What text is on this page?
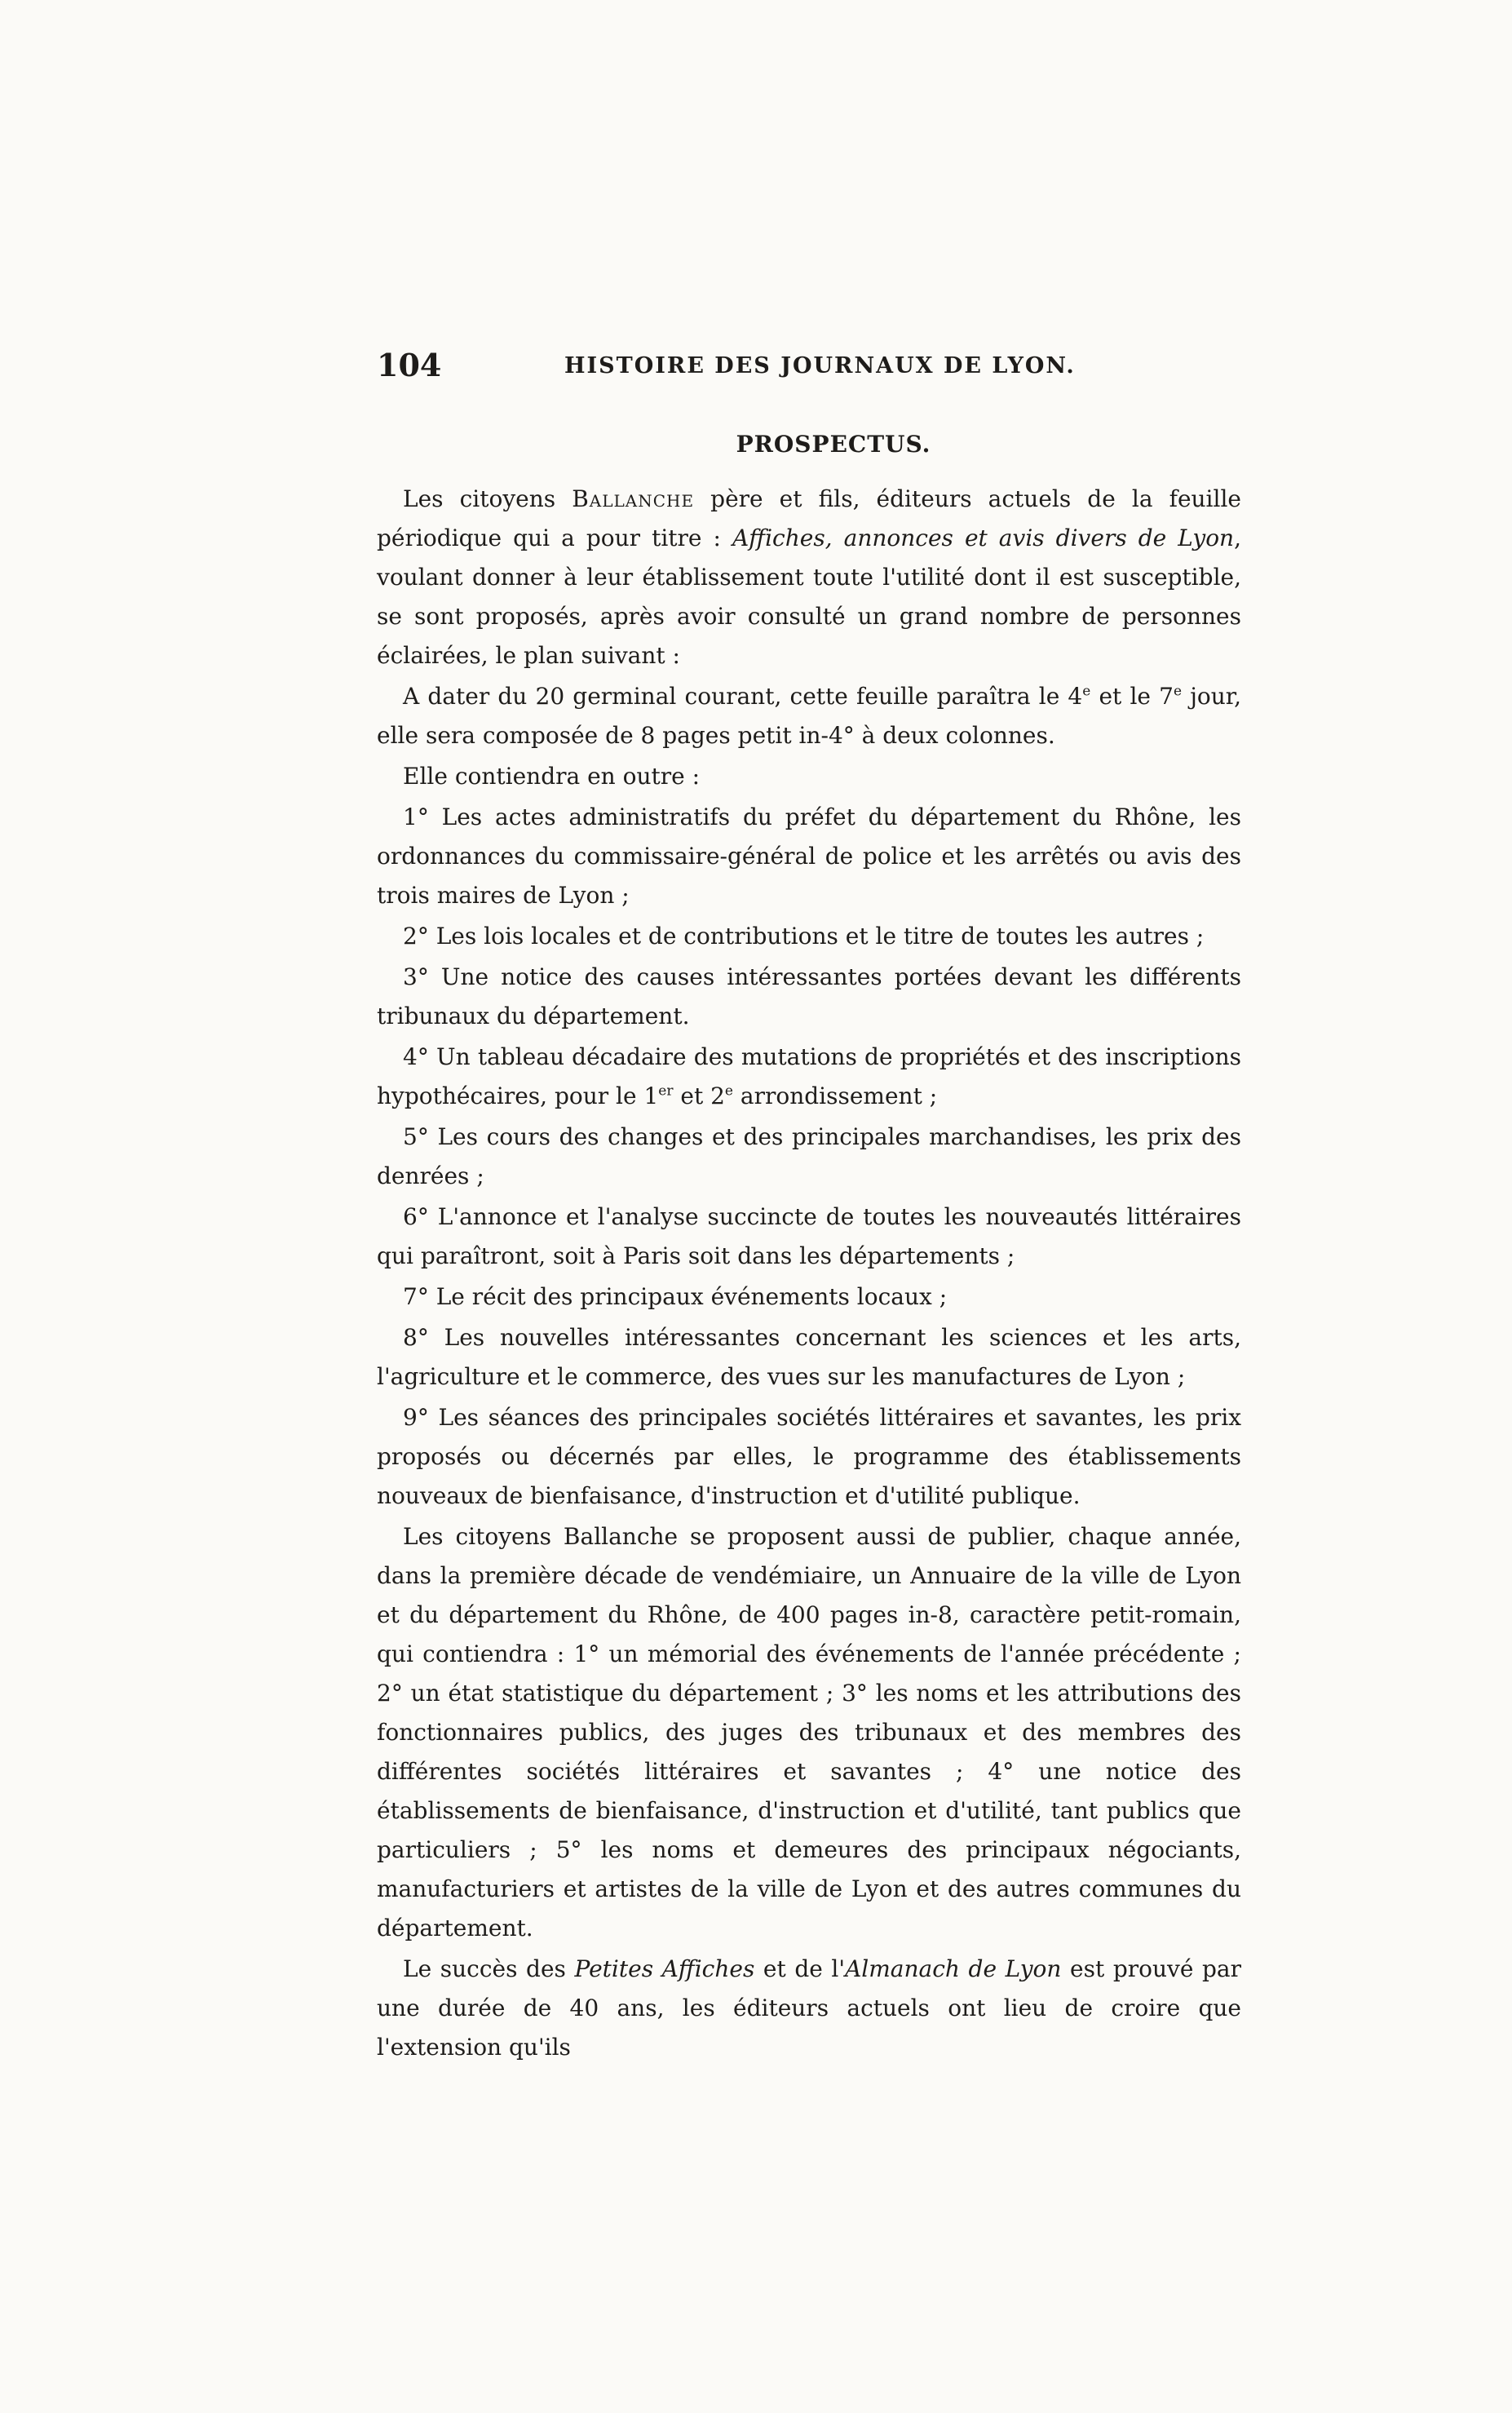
104	HISTOIRE DES JOURNAUX DE LYON.
PROSPECTUS.

Les citoyens Ballanche père et fils, éditeurs actuels de la feuille périodique qui a pour titre : Affiches, annonces et avis divers de Lyon, voulant donner à leur établissement toute l'utilité dont il est susceptible, se sont proposés, après avoir consulté un grand nombre de personnes éclairées, le plan suivant :

A dater du 20 germinal courant, cette feuille paraîtra le 4e et le 7e jour, elle sera composée de 8 pages petit in-4° à deux colonnes.

Elle contiendra en outre :

1° Les actes administratifs du préfet du département du Rhône, les ordonnances du commissaire-général de police et les arrêtés ou avis des trois maires de Lyon ;

2° Les lois locales et de contributions et le titre de toutes les autres ;

3° Une notice des causes intéressantes portées devant les différents tribunaux du département.

4° Un tableau décadaire des mutations de propriétés et des inscriptions hypothécaires, pour le 1er et 2e arrondissement ;

5° Les cours des changes et des principales marchandises, les prix des denrées ;

6° L'annonce et l'analyse succincte de toutes les nouveautés littéraires qui paraîtront, soit à Paris soit dans les départements ;

7° Le récit des principaux événements locaux ;

8° Les nouvelles intéressantes concernant les sciences et les arts, l'agriculture et le commerce, des vues sur les manufactures de Lyon ;

9° Les séances des principales sociétés littéraires et savantes, les prix proposés ou décernés par elles, le programme des établissements nouveaux de bienfaisance, d'instruction et d'utilité publique.

Les citoyens Ballanche se proposent aussi de publier, chaque année, dans la première décade de vendémiaire, un Annuaire de la ville de Lyon et du département du Rhône, de 400 pages in-8, caractère petit-romain, qui contiendra : 1° un mémorial des événements de l'année précédente ; 2° un état statistique du département ; 3° les noms et les attributions des fonctionnaires publics, des juges des tribunaux et des membres des différentes sociétés littéraires et savantes ; 4° une notice des établissements de bienfaisance, d'instruction et d'utilité, tant publics que particuliers ; 5° les noms et demeures des principaux négociants, manufacturiers et artistes de la ville de Lyon et des autres communes du département.

Le succès des Petites Affiches et de l'Almanach de Lyon est prouvé par une durée de 40 ans, les éditeurs actuels ont lieu de croire que l'extension qu'ils
